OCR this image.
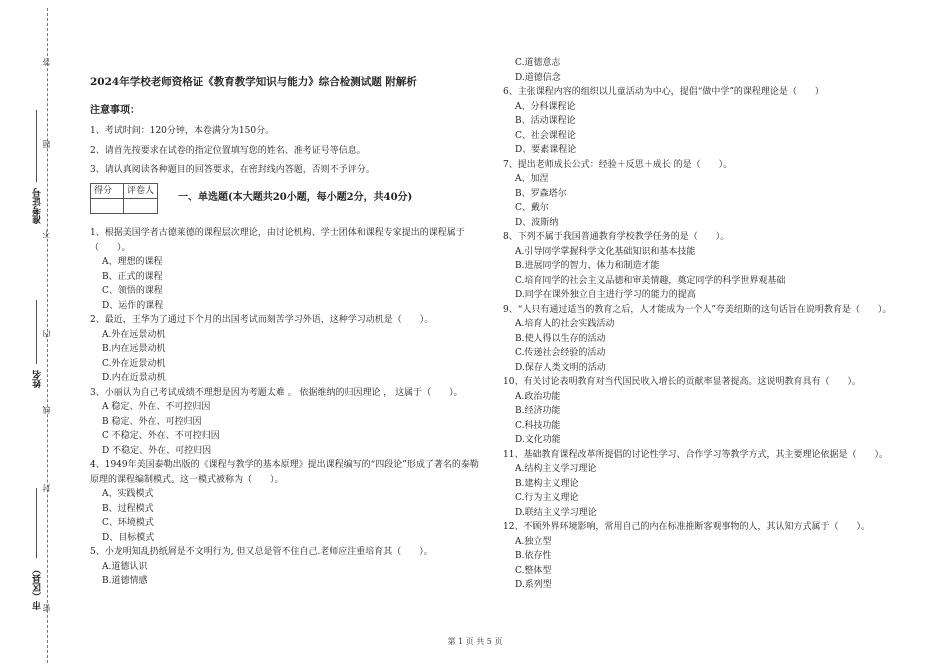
答
题
不
内
线
封
密
准考证号
姓名
市（区县）
2024年学校老师资格证《教育教学知识与能力》综合检测试题 附解析
注意事项：
1、考试时间：120分钟，本卷满分为150分。
2、请首先按要求在试卷的指定位置填写您的姓名、准考证号等信息。
3、请认真阅读各种题目的回答要求，在密封线内答题，否则不予评分。
得分	评卷人

一、单选题(本大题共20小题，每小题2分，共40分)
1、根据美国学者古德莱德的课程层次理论，由讨论机构、学士团体和课程专家提出的课程属于（　　）。
A、理想的课程
B、正式的课程
C、领悟的课程
D、运作的课程
2、最近，王华为了通过下个月的出国考试而刻苦学习外语，这种学习动机是（　　）。
A.外在远景动机
B.内在远景动机
C.外在近景动机
D.内在近景动机
3、小丽认为自己考试成绩不理想是因为考题太难 。 依据维纳的归因理论 ， 这属于（　　）。
A 稳定、外在、不可控归因
B 稳定、外在、可控归因
C 不稳定、外在、不可控归因
D 不稳定、外在、可控归因
4、1949年美国泰勒出版的《课程与教学的基本原理》提出课程编写的“四段论”形成了著名的泰勒原理的课程编制模式。这一模式被称为（　　）。
A、实践模式
B、过程模式
C、环境模式
D、目标模式
5、小龙明知乱扔纸屑是不文明行为, 但又总是管不住自己.老师应注重培育其（　　）。
A.道德认识
B.道德情感
C.道德意志
D.道德信念
6、主张课程内容的组织以儿童活动为中心，提倡“做中学”的课程理论是（　　）
A、分科课程论
B、活动课程论
C、社会课程论
D、要素课程论
7、提出老师成长公式：经验＋反思＋成长 的是（　　）。
A、加涅
B、罗森塔尔
C、戴尔
D、波斯纳
8、下列不属于我国普通教育学校教学任务的是（　　）。
A.引导同学掌握科学文化基础知识和基本技能
B.进展同学的智力、体力和制造才能
C.培育同学的社会主义品德和审美情趣，奠定同学的科学世界观基础
D.同学在课外独立自主进行学习的能力的提高
9、“人只有通过适当的教育之后，人才能成为一个人”夸美纽斯的这句话旨在说明教育是（　　）。
A.培育人的社会实践活动
B.使人得以生存的活动
C.传递社会经验的活动
D.保存人类文明的活动
10、有关讨论表明教育对当代国民收入增长的贡献率显著提高。这说明教育具有（　　）。
A.政治功能
B.经济功能
C.科技功能
D.文化功能
11、基础教育课程改革所提倡的讨论性学习、合作学习等教学方式，其主要理论依据是（　　）。
A.结构主义学习理论
B.建构主义理论
C.行为主义理论
D.联结主义学习理论
12、不顾外界环境影响，常用自己的内在标准推断客观事物的人，其认知方式属于（　　）。
A.独立型
B.依存性
C.整体型
D.系列型
第 1 页 共 5 页
